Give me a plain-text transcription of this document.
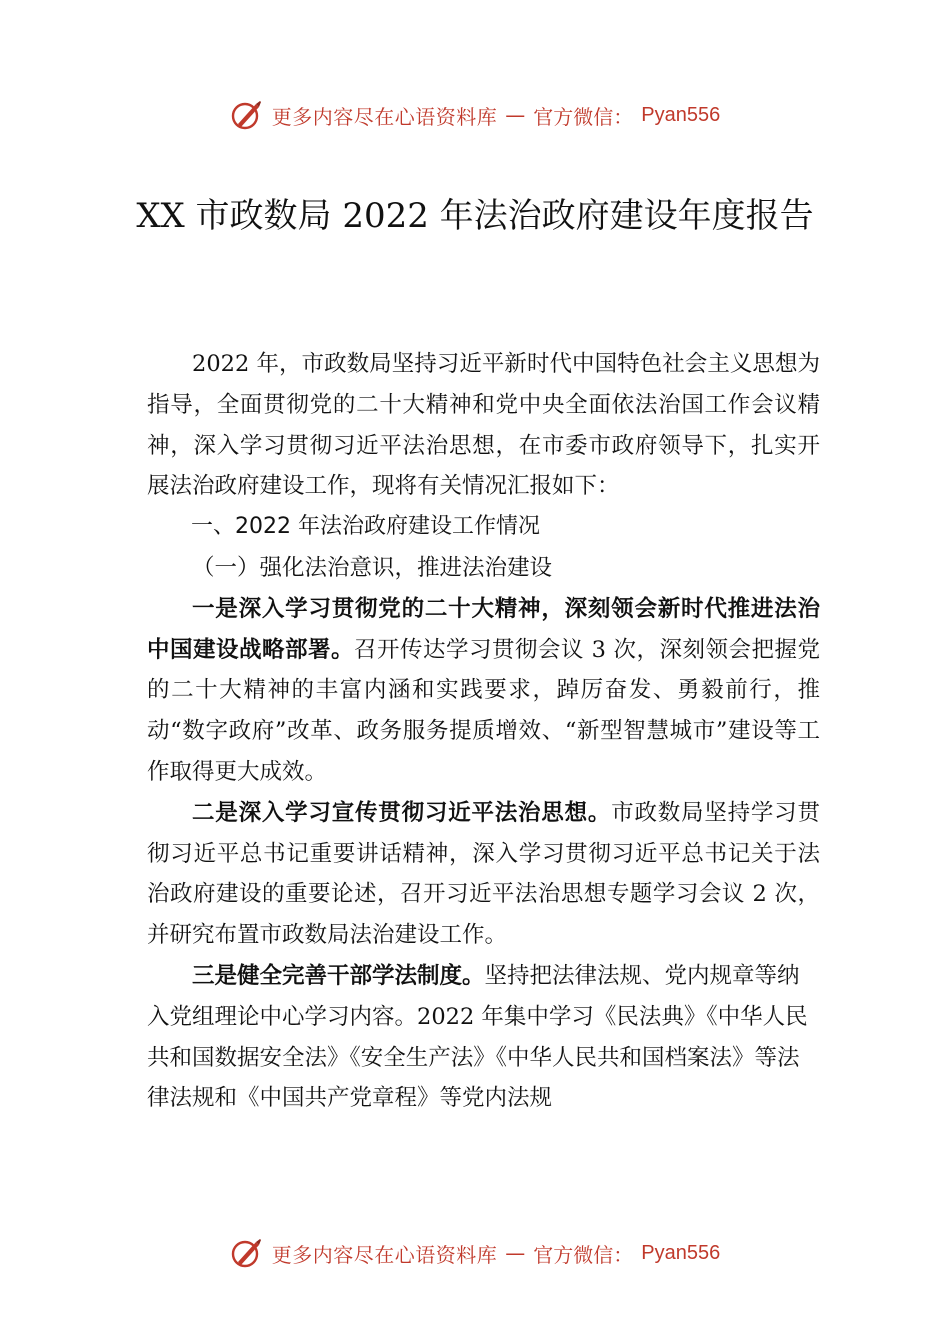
更多内容尽在心语资料库 — 官方微信： Pyan556
XX 市政数局 2022 年法治政府建设年度报告

2022 年，市政数局坚持习近平新时代中国特色社会主义思想为指导，全面贯彻党的二十大精神和党中央全面依法治国工作会议精神，深入学习贯彻习近平法治思想，在市委市政府领导下，扎实开展法治政府建设工作，现将有关情况汇报如下：

一、2022 年法治政府建设工作情况

（一）强化法治意识，推进法治建设

一是深入学习贯彻党的二十大精神，深刻领会新时代推进法治中国建设战略部署。召开传达学习贯彻会议 3 次，深刻领会把握党的二十大精神的丰富内涵和实践要求，踔厉奋发、勇毅前行，推动“数字政府”改革、政务服务提质增效、“新型智慧城市”建设等工作取得更大成效。

二是深入学习宣传贯彻习近平法治思想。市政数局坚持学习贯彻习近平总书记重要讲话精神，深入学习贯彻习近平总书记关于法治政府建设的重要论述，召开习近平法治思想专题学习会议 2 次，并研究布置市政数局法治建设工作。

三是健全完善干部学法制度。坚持把法律法规、党内规章等纳入党组理论中心学习内容。2022 年集中学习《民法典》《中华人民共和国数据安全法》《安全生产法》《中华人民共和国档案法》等法律法规和《中国共产党章程》等党内法规

更多内容尽在心语资料库 — 官方微信： Pyan556
